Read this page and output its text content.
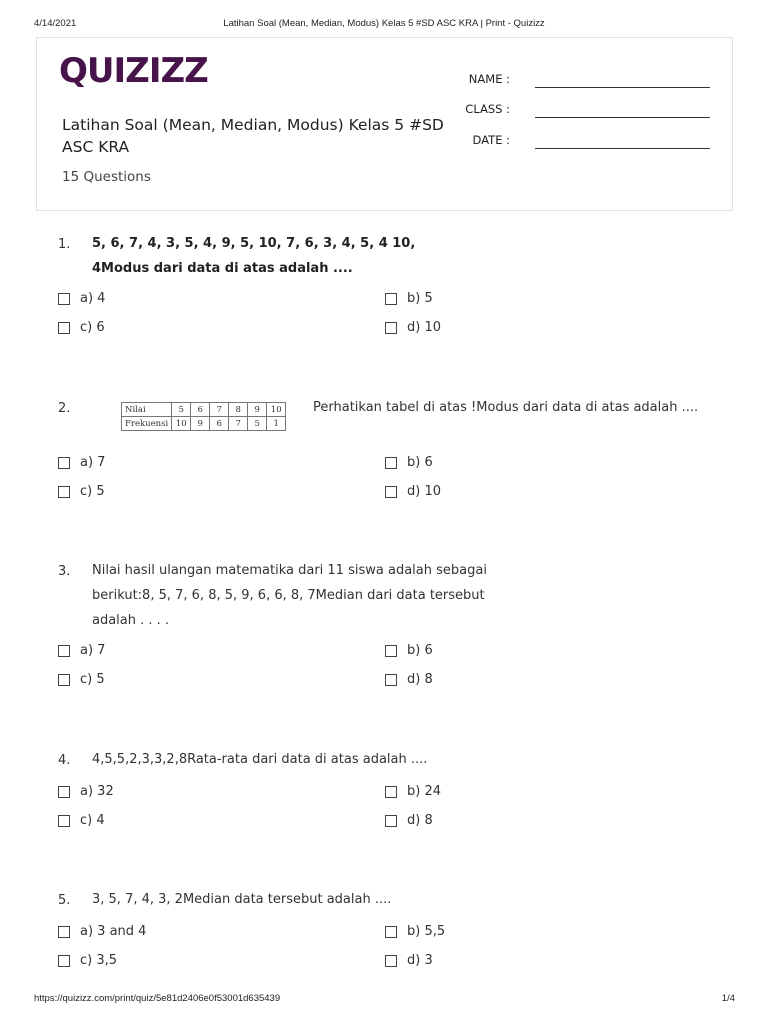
4/14/2021	Latihan Soal (Mean, Median, Modus) Kelas 5 #SD ASC KRA | Print - Quizizz
QUIZIZZ
Latihan Soal (Mean, Median, Modus) Kelas 5 #SD ASC KRA
15 Questions
NAME :
CLASS :
DATE :
1. 5, 6, 7, 4, 3, 5, 4, 9, 5, 10, 7, 6, 3, 4, 5, 4 10, 4Modus dari data di atas adalah ....
a) 4	b) 5
c) 6	d) 10
2.	Nilai	5	6	7	8	9	10
Frekuensi	10	9	6	7	5	1
Perhatikan tabel di atas !Modus dari data di atas adalah ....
a) 7	b) 6
c) 5	d) 10
3. Nilai hasil ulangan matematika dari 11 siswa adalah sebagai berikut:8, 5, 7, 6, 8, 5, 9, 6, 6, 8, 7Median dari data tersebut adalah . . . .
a) 7	b) 6
c) 5	d) 8
4. 4,5,5,2,3,3,2,8Rata-rata dari data di atas adalah ....
a) 32	b) 24
c) 4	d) 8
5. 3, 5, 7, 4, 3, 2Median data tersebut adalah ....
a) 3 and 4	b) 5,5
c) 3,5	d) 3
https://quizizz.com/print/quiz/5e81d2406e0f53001d635439	1/4
